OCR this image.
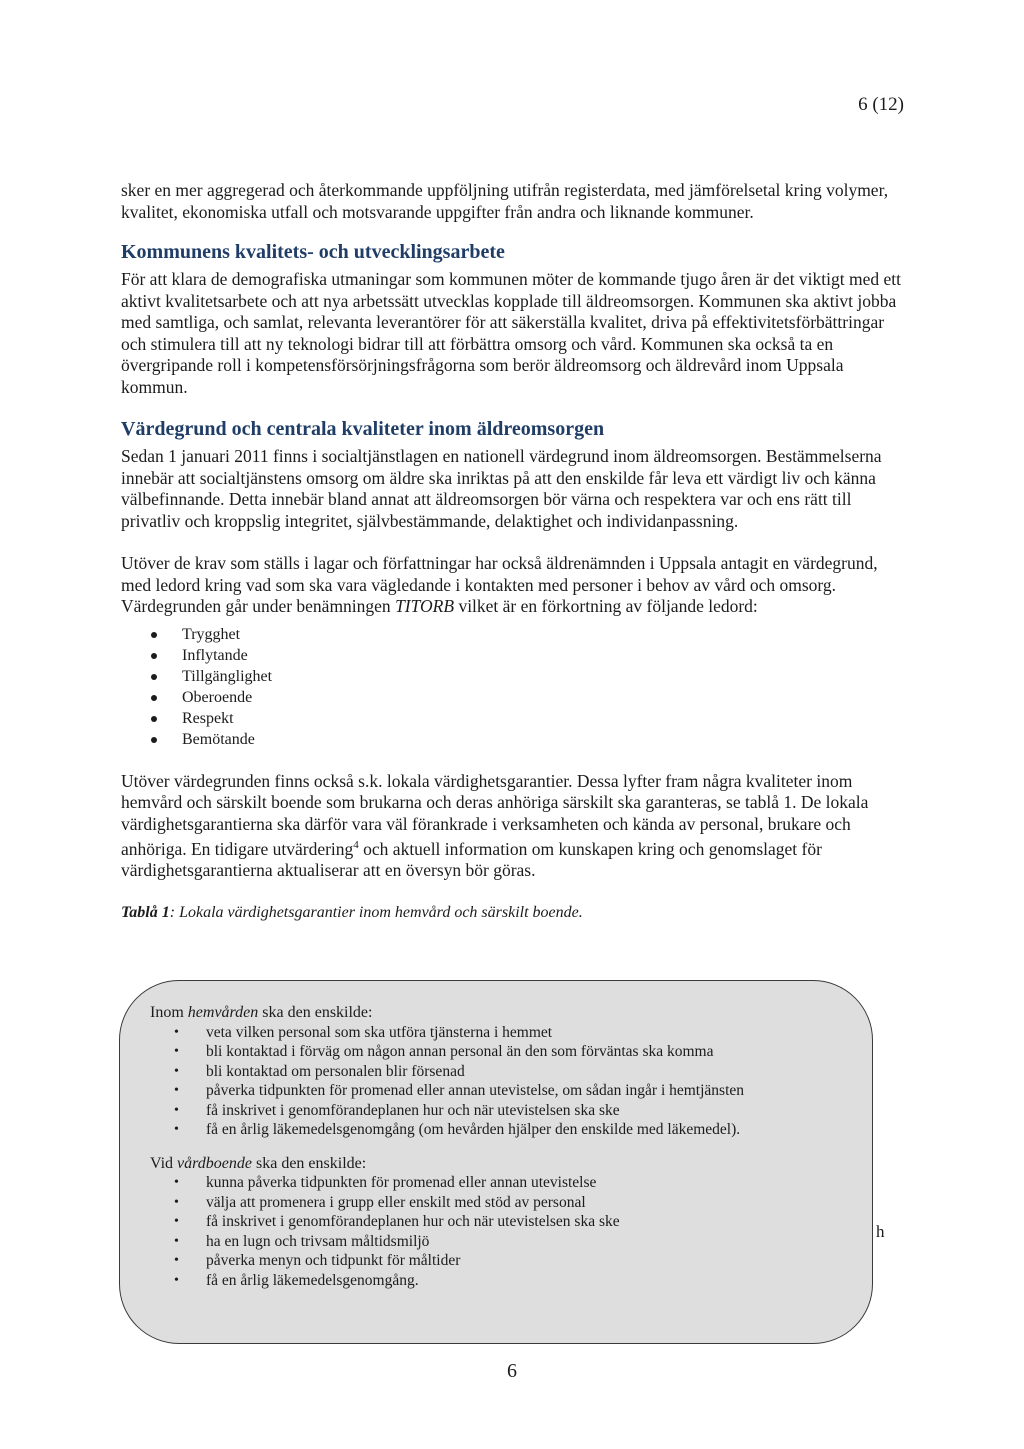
6 (12)

sker en mer aggregerad och återkommande uppföljning utifrån registerdata, med jämförelsetal kring volymer, kvalitet, ekonomiska utfall och motsvarande uppgifter från andra och liknande kommuner.

Kommunens kvalitets- och utvecklingsarbete

För att klara de demografiska utmaningar som kommunen möter de kommande tjugo åren är det viktigt med ett aktivt kvalitetsarbete och att nya arbetssätt utvecklas kopplade till äldreomsorgen. Kommunen ska aktivt jobba med samtliga, och samlat, relevanta leverantörer för att säkerställa kvalitet, driva på effektivitetsförbättringar och stimulera till att ny teknologi bidrar till att förbättra omsorg och vård. Kommunen ska också ta en övergripande roll i kompetensförsörjningsfrågorna som berör äldreomsorg och äldrevård inom Uppsala kommun.

Värdegrund och centrala kvaliteter inom äldreomsorgen

Sedan 1 januari 2011 finns i socialtjänstlagen en nationell värdegrund inom äldreomsorgen. Bestämmelserna innebär att socialtjänstens omsorg om äldre ska inriktas på att den enskilde får leva ett värdigt liv och känna välbefinnande. Detta innebär bland annat att äldreomsorgen bör värna och respektera var och ens rätt till privatliv och kroppslig integritet, självbestämmande, delaktighet och individanpassning.

Utöver de krav som ställs i lagar och författningar har också äldrenämnden i Uppsala antagit en värdegrund, med ledord kring vad som ska vara vägledande i kontakten med personer i behov av vård och omsorg. Värdegrunden går under benämningen TITORB vilket är en förkortning av följande ledord:

Trygghet
Inflytande
Tillgänglighet
Oberoende
Respekt
Bemötande

Utöver värdegrunden finns också s.k. lokala värdighetsgarantier. Dessa lyfter fram några kvaliteter inom hemvård och särskilt boende som brukarna och deras anhöriga särskilt ska garanteras, se tablå 1. De lokala värdighetsgarantierna ska därför vara väl förankrade i verksamheten och kända av personal, brukare och anhöriga. En tidigare utvärdering$^4$ och aktuell information om kunskapen kring och genomslaget för värdighetsgarantierna aktualiserar att en översyn bör göras.

Tablå 1: Lokala värdighetsgarantier inom hemvård och särskilt boende.

Inom hemvården ska den enskilde:

• veta vilken personal som ska utföra tjänsterna i hemmet
• bli kontaktad i förväg om någon annan personal än den som förväntas ska komma
• bli kontaktad om personalen blir försenad
• påverka tidpunkten för promenad eller annan utevistelse, om sådan ingår i hemtjänsten
• få inskrivet i genomförandeplanen hur och när utevistelsen ska ske
• få en årlig läkemedelsgenomgång (om hevården hjälper den enskilde med läkemedel).

Vid vårdboende ska den enskilde:

• kunna påverka tidpunkten för promenad eller annan utevistelse
• välja att promenera i grupp eller enskilt med stöd av personal
• få inskrivet i genomförandeplanen hur och när utevistelsen ska ske
• ha en lugn och trivsam måltidsmiljö
• påverka menyn och tidpunkt för måltider
• få en årlig läkemedelsgenomgång.
h
6
